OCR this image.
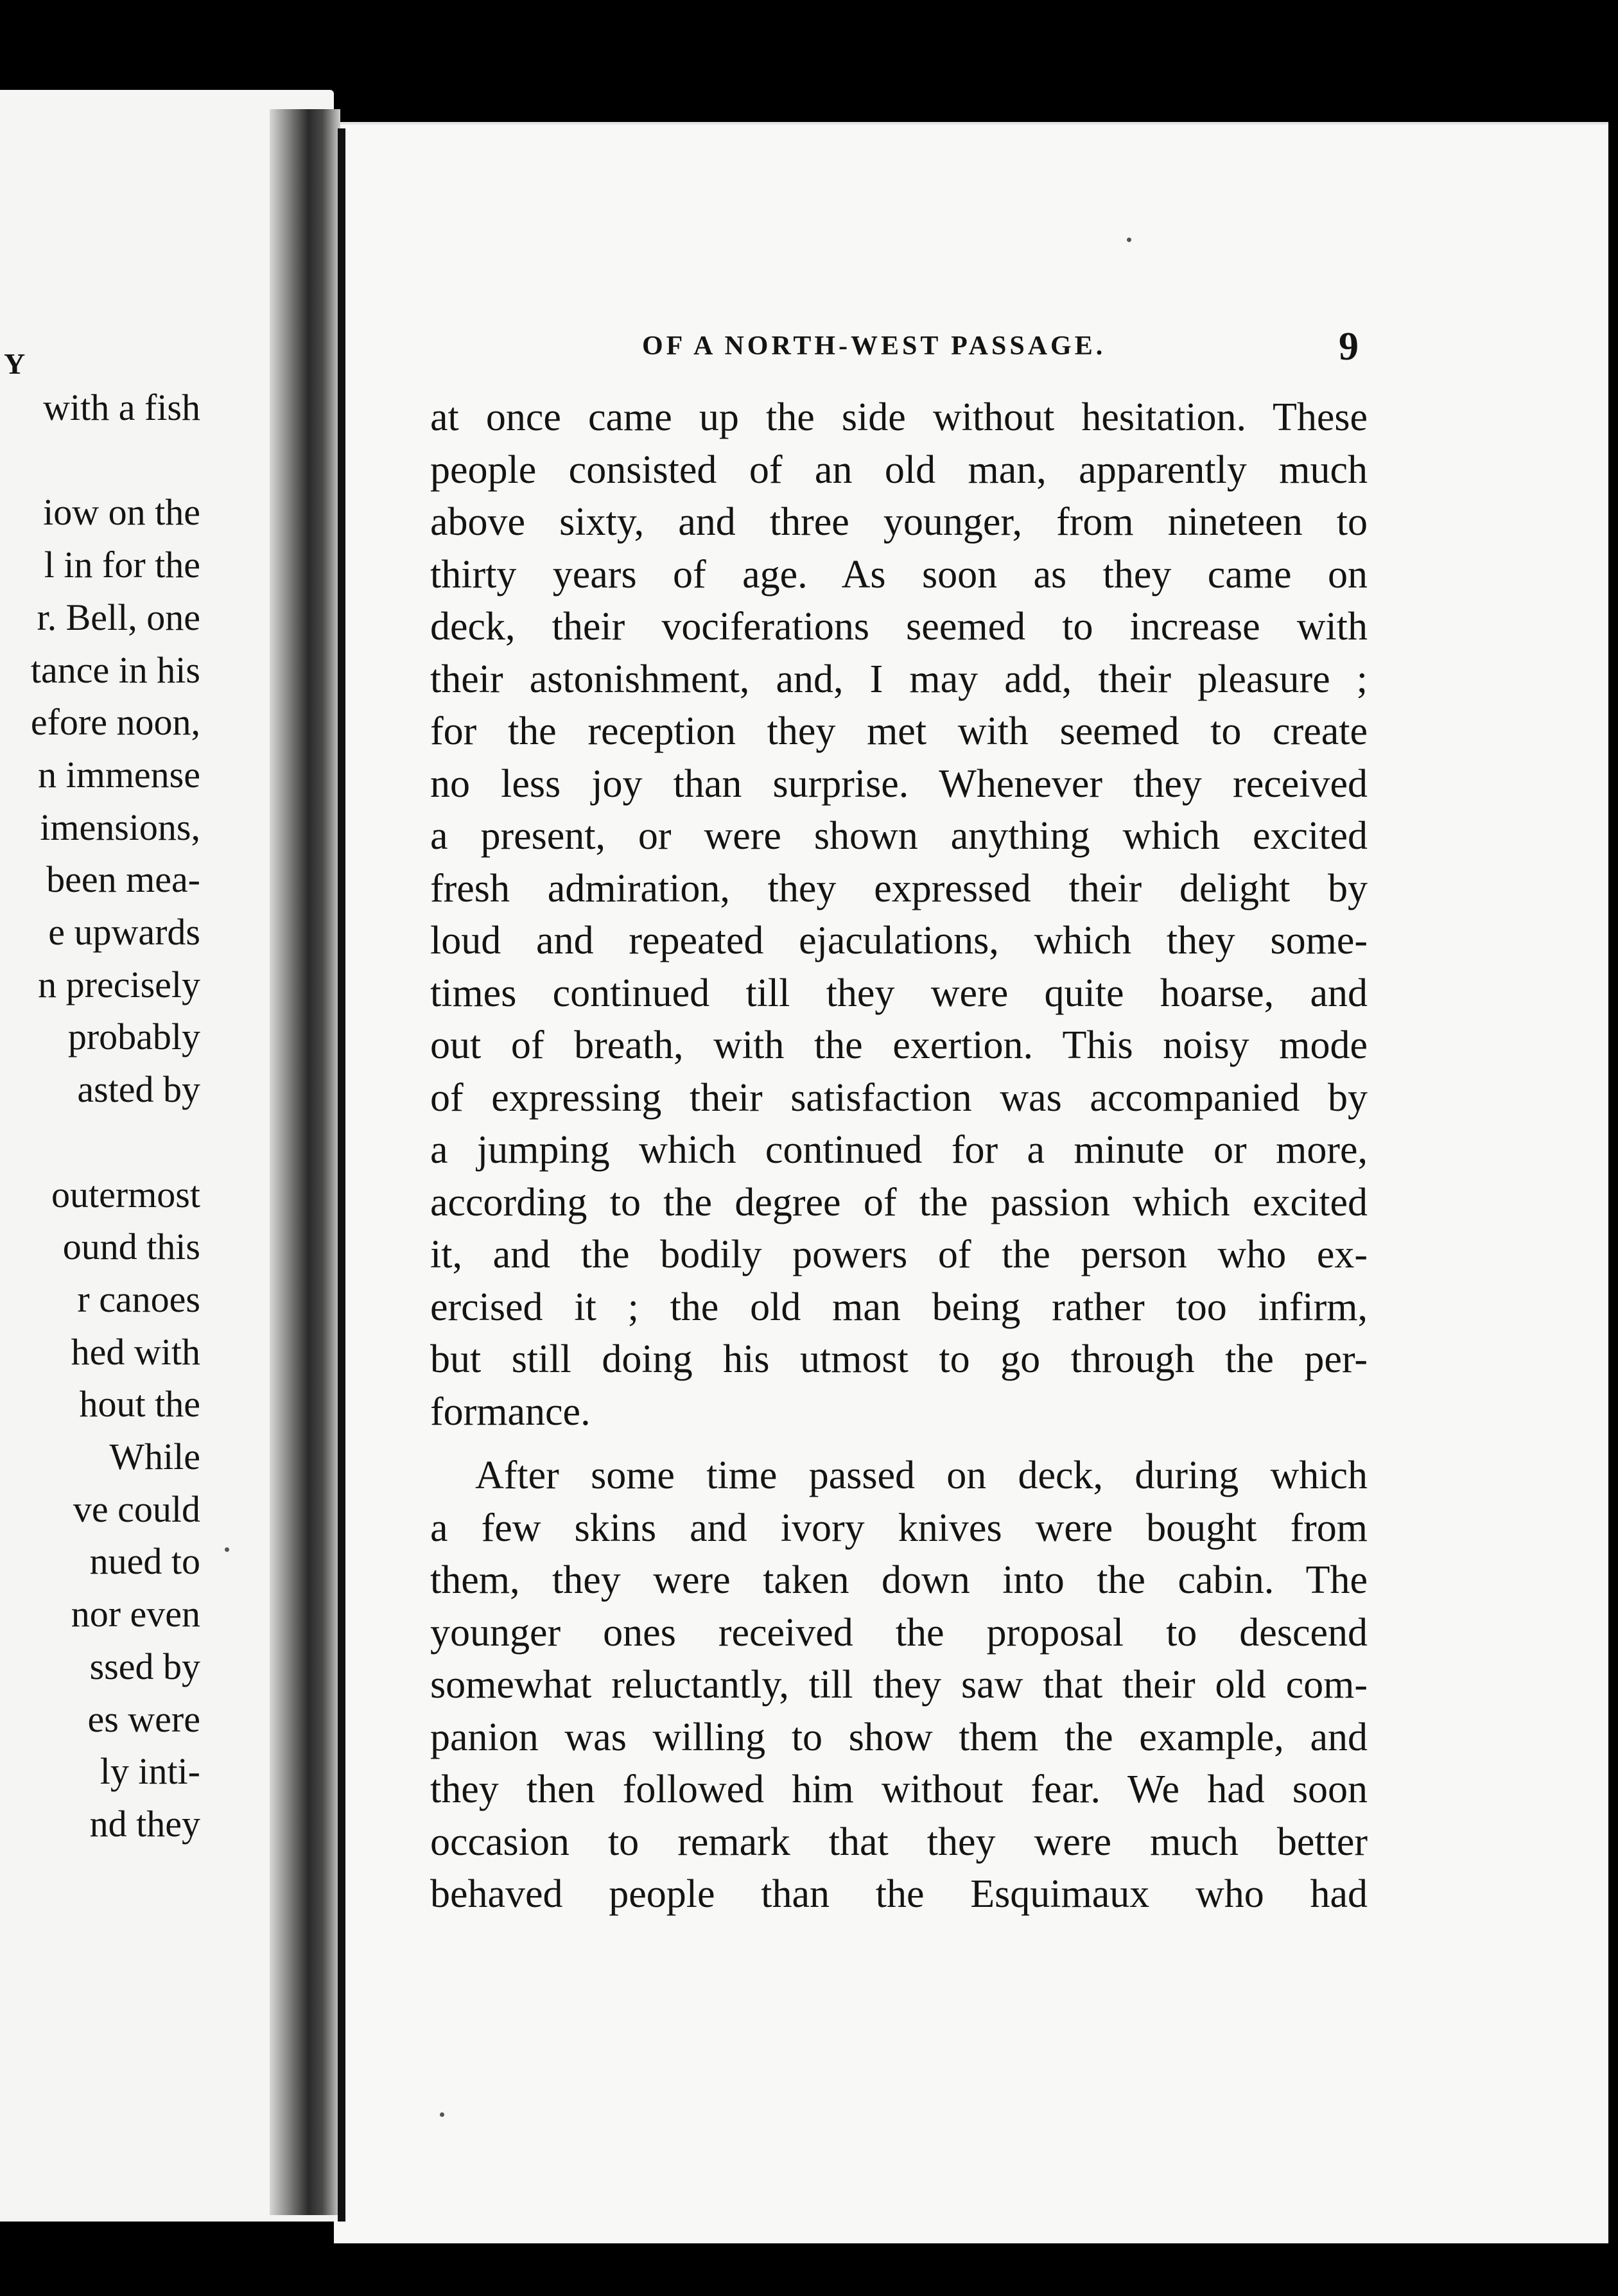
Y
with a fish

iow on the
l in for the
r. Bell, one
tance in his
efore noon,
n immense
imensions,
been mea-
e upwards
n precisely
probably
asted by

outermost
ound this
r canoes
hed with
hout the
While
ve could
nued to
nor even
ssed by
es were
ly inti-
nd they
OF A NORTH-WEST PASSAGE.	9
at once came up the side without hesitation. These
people consisted of an old man, apparently much
above sixty, and three younger, from nineteen to
thirty years of age. As soon as they came on
deck, their vociferations seemed to increase with
their astonishment, and, I may add, their pleasure ;
for the reception they met with seemed to create
no less joy than surprise. Whenever they received
a present, or were shown anything which excited
fresh admiration, they expressed their delight by
loud and repeated ejaculations, which they some-
times continued till they were quite hoarse, and
out of breath, with the exertion. This noisy mode
of expressing their satisfaction was accompanied by
a jumping which continued for a minute or more,
according to the degree of the passion which excited
it, and the bodily powers of the person who ex-
ercised it ; the old man being rather too infirm,
but still doing his utmost to go through the per-
formance.
After some time passed on deck, during which
a few skins and ivory knives were bought from
them, they were taken down into the cabin. The
younger ones received the proposal to descend
somewhat reluctantly, till they saw that their old com-
panion was willing to show them the example, and
they then followed him without fear. We had soon
occasion to remark that they were much better
behaved people than the Esquimaux who had
